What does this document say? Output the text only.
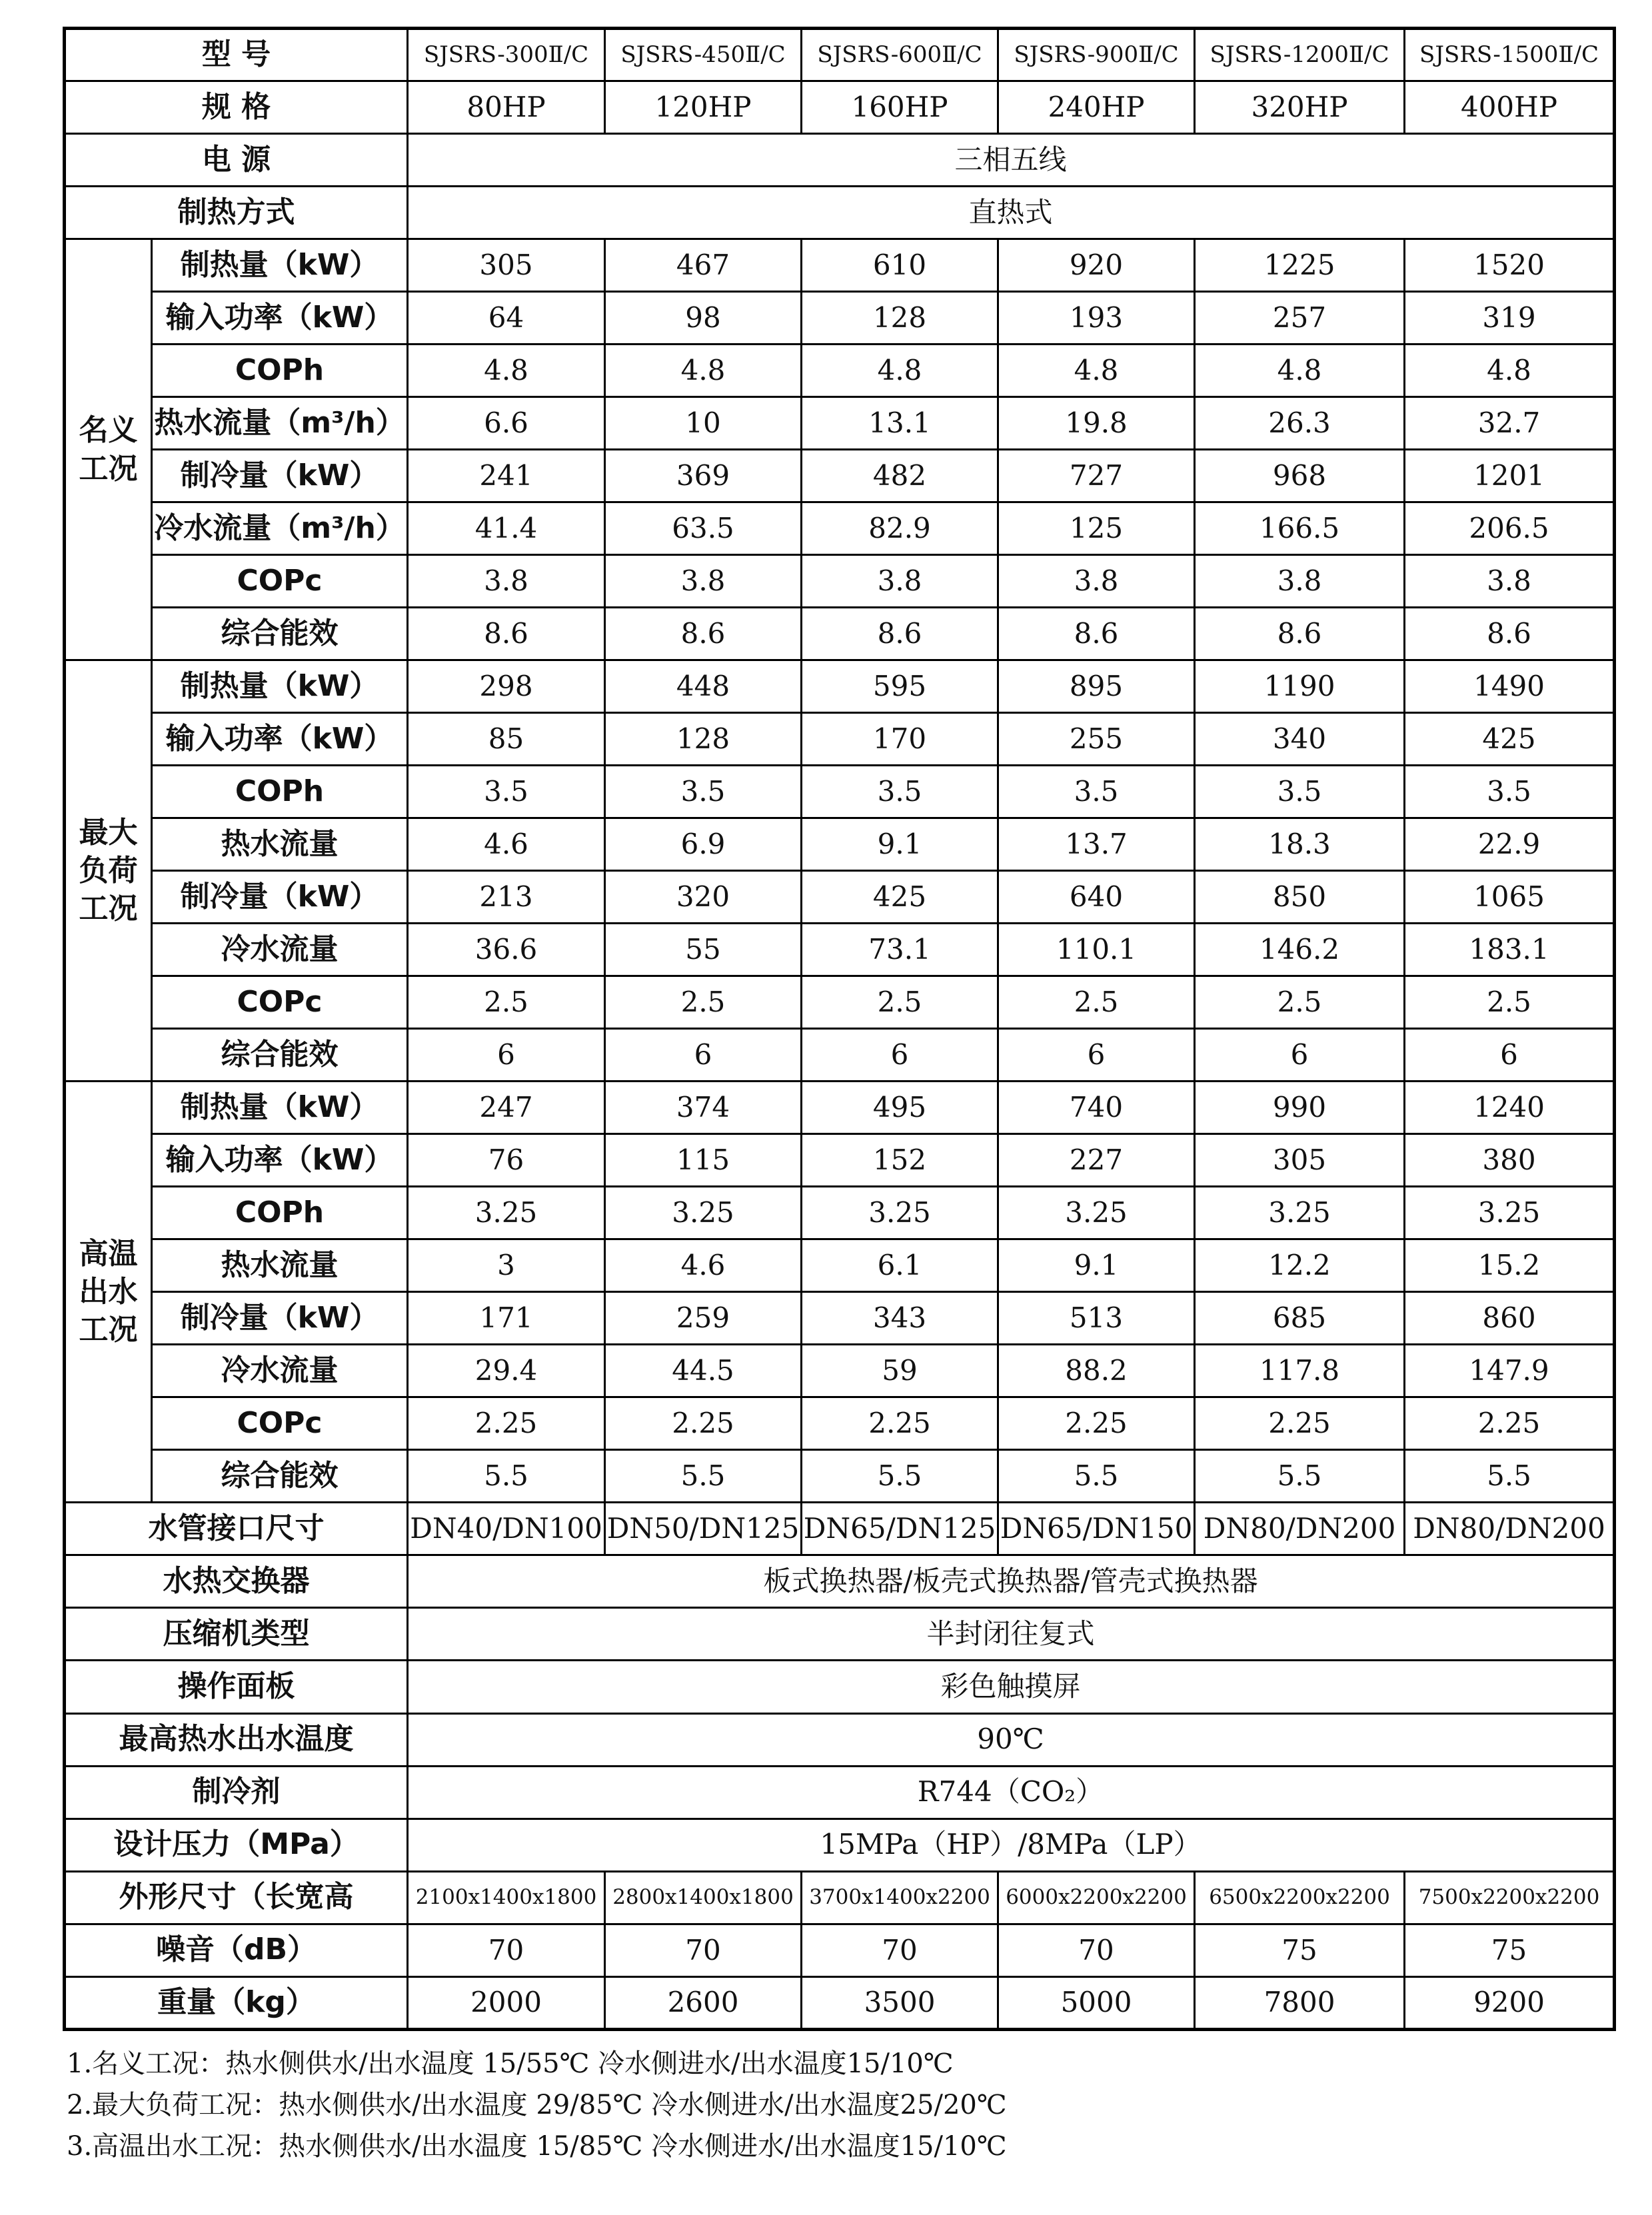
型 号		SJSRS-300Ⅱ/C	SJSRS-450Ⅱ/C	SJSRS-600Ⅱ/C	SJSRS-900Ⅱ/C	SJSRS-1200Ⅱ/C	SJSRS-1500Ⅱ/C
规 格		80HP	120HP	160HP	240HP	320HP	400HP
电 源		三相五线					
制热方式		直热式					
名义工况	制热量（kW）	305	467	610	920	1225	1520
	输入功率（kW）	64	98	128	193	257	319
	COPh	4.8	4.8	4.8	4.8	4.8	4.8
	热水流量（m³/h）	6.6	10	13.1	19.8	26.3	32.7
	制冷量（kW）	241	369	482	727	968	1201
	冷水流量（m³/h）	41.4	63.5	82.9	125	166.5	206.5
	COPc	3.8	3.8	3.8	3.8	3.8	3.8
	综合能效	8.6	8.6	8.6	8.6	8.6	8.6
最大负荷工况	制热量（kW）	298	448	595	895	1190	1490
	输入功率（kW）	85	128	170	255	340	425
	COPh	3.5	3.5	3.5	3.5	3.5	3.5
	热水流量	4.6	6.9	9.1	13.7	18.3	22.9
	制冷量（kW）	213	320	425	640	850	1065
	冷水流量	36.6	55	73.1	110.1	146.2	183.1
	COPc	2.5	2.5	2.5	2.5	2.5	2.5
	综合能效	6	6	6	6	6	6
高温出水工况	制热量（kW）	247	374	495	740	990	1240
	输入功率（kW）	76	115	152	227	305	380
	COPh	3.25	3.25	3.25	3.25	3.25	3.25
	热水流量	3	4.6	6.1	9.1	12.2	15.2
	制冷量（kW）	171	259	343	513	685	860
	冷水流量	29.4	44.5	59	88.2	117.8	147.9
	COPc	2.25	2.25	2.25	2.25	2.25	2.25
	综合能效	5.5	5.5	5.5	5.5	5.5	5.5
水管接口尺寸		DN40/DN100	DN50/DN125	DN65/DN125	DN65/DN150	DN80/DN200	DN80/DN200
水热交换器		板式换热器/板壳式换热器/管壳式换热器					
压缩机类型		半封闭往复式					
操作面板		彩色触摸屏					
最高热水出水温度		90℃					
制冷剂		R744（CO₂）					
设计压力（MPa）		15MPa（HP）/8MPa（LP）					
外形尺寸（长宽高		2100x1400x1800	2800x1400x1800	3700x1400x2200	6000x2200x2200	6500x2200x2200	7500x2200x2200
噪音（dB）		70	70	70	70	75	75
重量（kg）		2000	2600	3500	5000	7800	9200
1.名义工况：热水侧供水/出水温度 15/55℃ 冷水侧进水/出水温度15/10℃
2.最大负荷工况：热水侧供水/出水温度 29/85℃ 冷水侧进水/出水温度25/20℃
3.高温出水工况：热水侧供水/出水温度 15/85℃ 冷水侧进水/出水温度15/10℃
